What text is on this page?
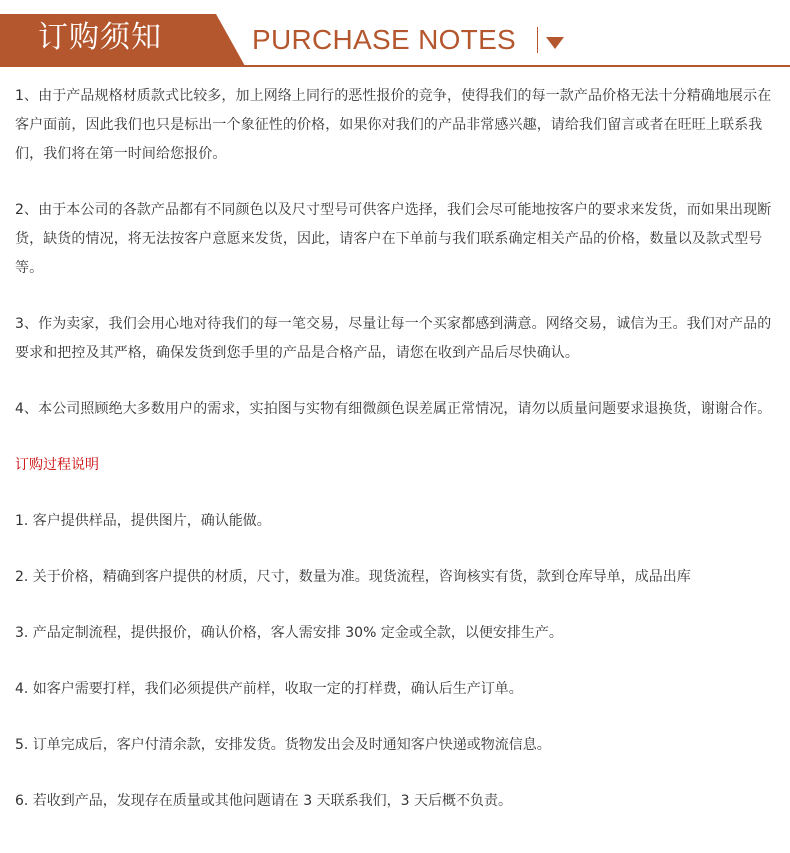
订购须知	PURCHASE NOTES

1、由于产品规格材质款式比较多，加上网络上同行的恶性报价的竞争，使得我们的每一款产品价格无法十分精确地展示在客户面前，因此我们也只是标出一个象征性的价格，如果你对我们的产品非常感兴趣，请给我们留言或者在旺旺上联系我们，我们将在第一时间给您报价。

2、由于本公司的各款产品都有不同颜色以及尺寸型号可供客户选择，我们会尽可能地按客户的要求来发货，而如果出现断货，缺货的情况，将无法按客户意愿来发货，因此，请客户在下单前与我们联系确定相关产品的价格，数量以及款式型号等。

3、作为卖家，我们会用心地对待我们的每一笔交易，尽量让每一个买家都感到满意。网络交易，诚信为王。我们对产品的要求和把控及其严格，确保发货到您手里的产品是合格产品，请您在收到产品后尽快确认。

4、本公司照顾绝大多数用户的需求，实拍图与实物有细微颜色误差属正常情况，请勿以质量问题要求退换货，谢谢合作。

订购过程说明

1. 客户提供样品，提供图片，确认能做。

2. 关于价格，精确到客户提供的材质，尺寸，数量为准。现货流程，咨询核实有货，款到仓库导单，成品出库

3. 产品定制流程，提供报价，确认价格，客人需安排 30% 定金或全款，以便安排生产。

4. 如客户需要打样，我们必须提供产前样，收取一定的打样费，确认后生产订单。

5. 订单完成后，客户付清余款，安排发货。货物发出会及时通知客户快递或物流信息。

6. 若收到产品，发现存在质量或其他问题请在 3 天联系我们，3 天后概不负责。
